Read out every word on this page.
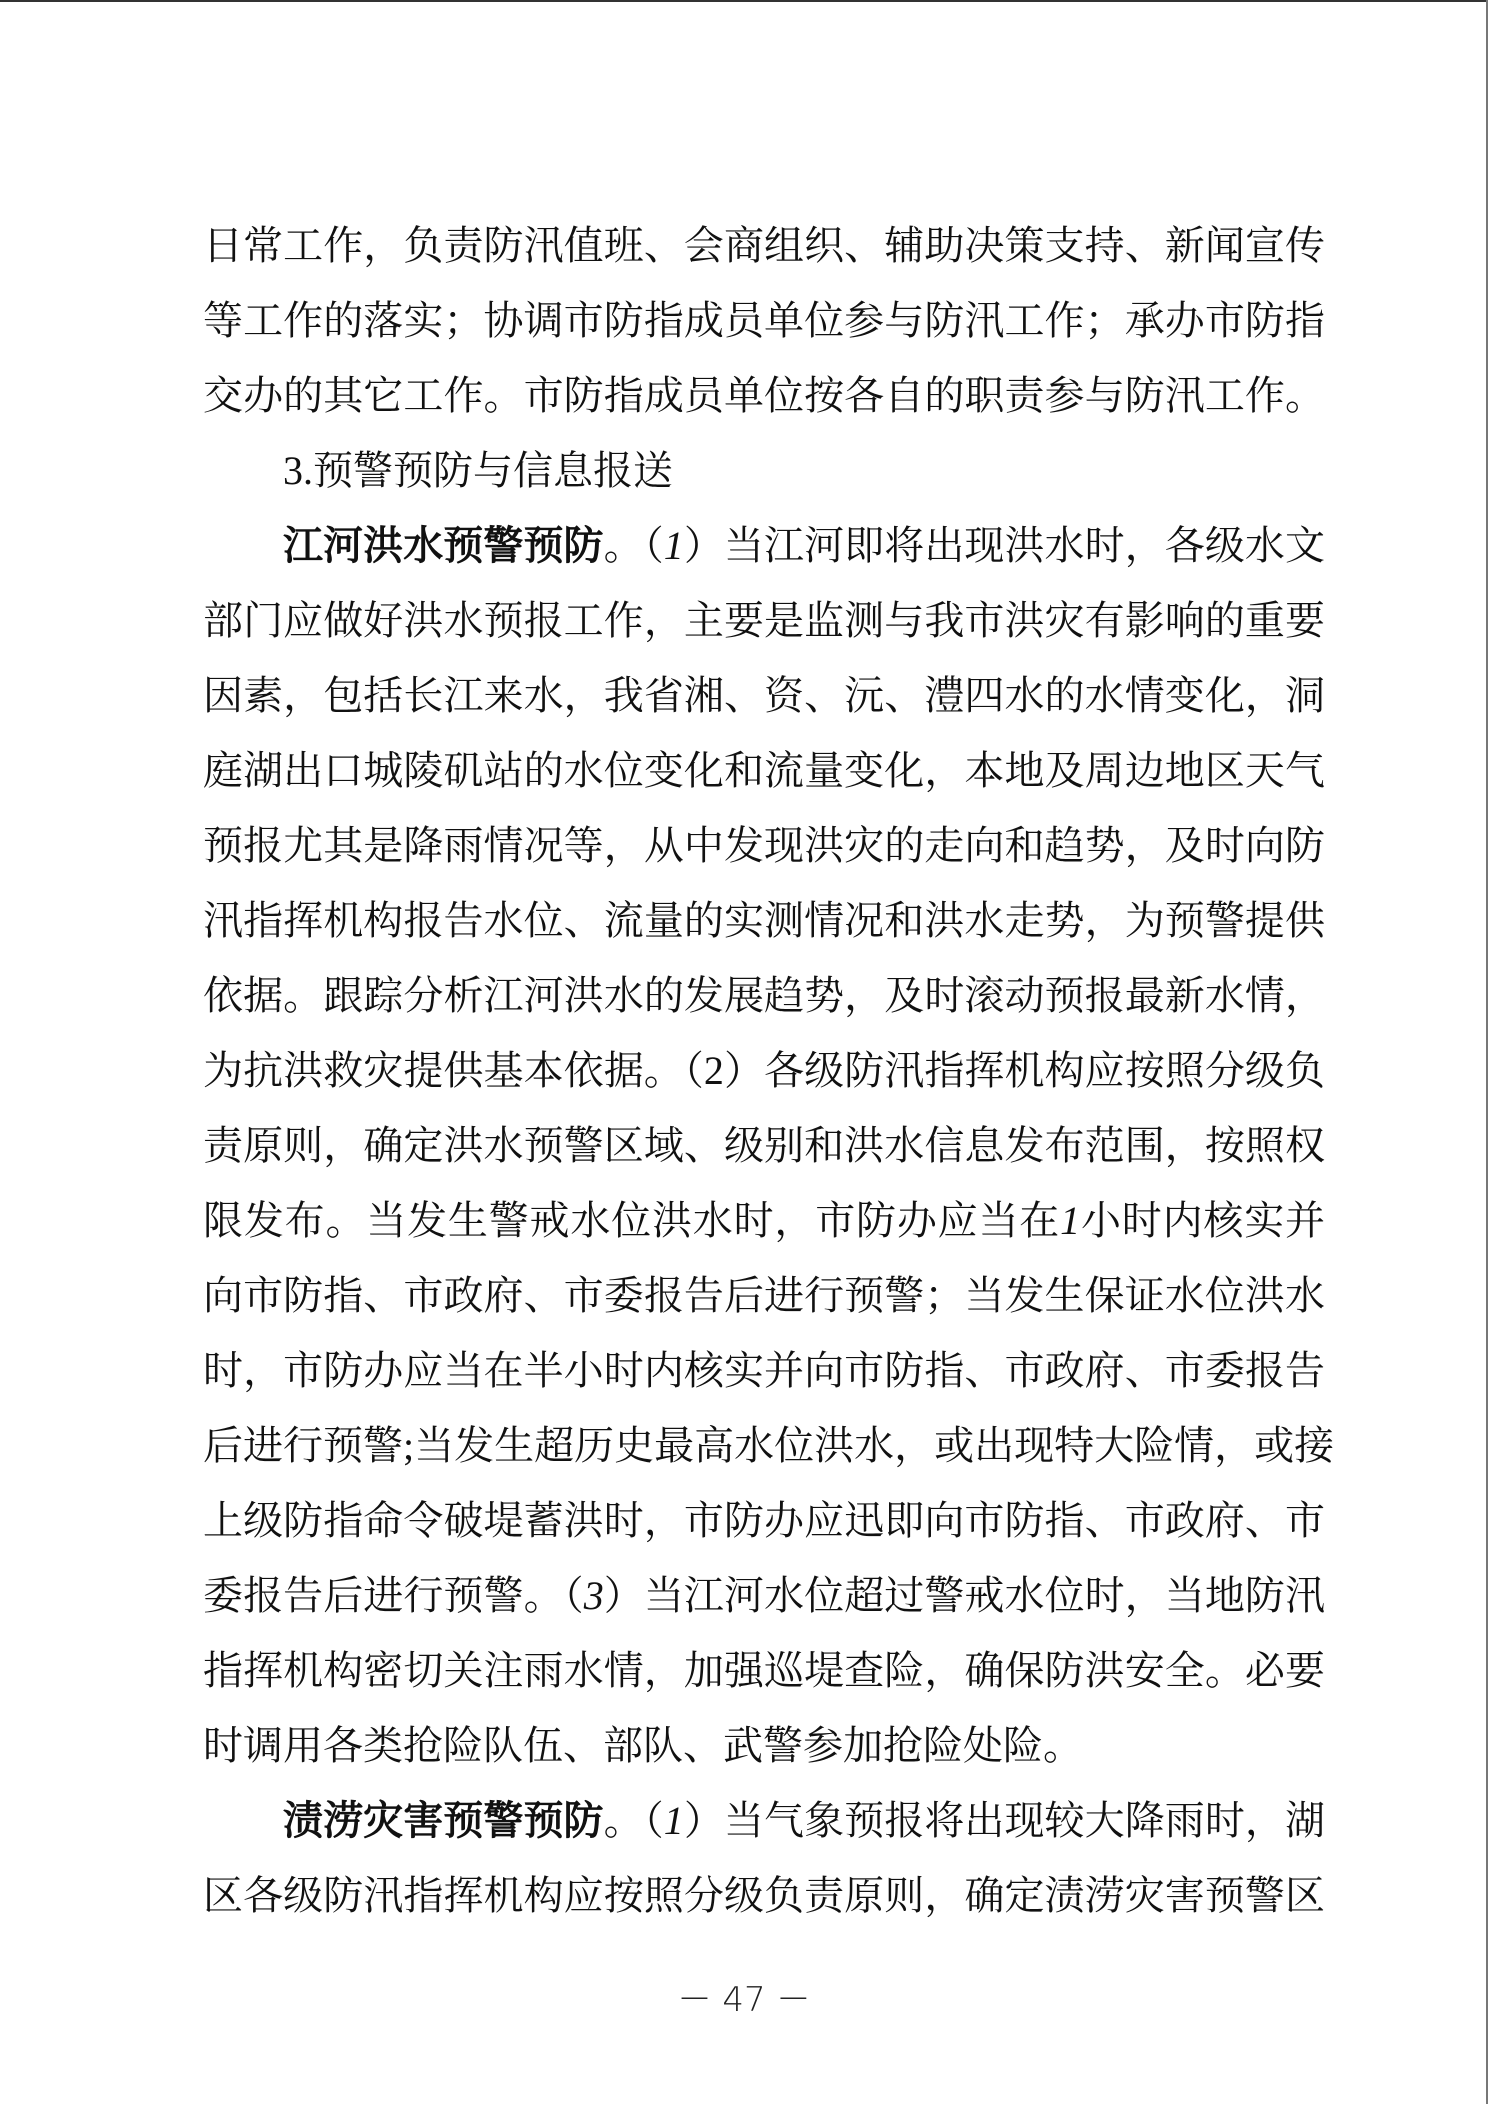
日常工作，负责防汛值班、会商组织、辅助决策支持、新闻宣传
等工作的落实；协调市防指成员单位参与防汛工作；承办市防指
交办的其它工作。市防指成员单位按各自的职责参与防汛工作。
3.预警预防与信息报送
江河洪水预警预防。（1）当江河即将出现洪水时，各级水文
部门应做好洪水预报工作，主要是监测与我市洪灾有影响的重要
因素，包括长江来水，我省湘、资、沅、澧四水的水情变化，洞
庭湖出口城陵矶站的水位变化和流量变化，本地及周边地区天气
预报尤其是降雨情况等，从中发现洪灾的走向和趋势，及时向防
汛指挥机构报告水位、流量的实测情况和洪水走势，为预警提供
依据。跟踪分析江河洪水的发展趋势，及时滚动预报最新水情，
为抗洪救灾提供基本依据。（2）各级防汛指挥机构应按照分级负
责原则，确定洪水预警区域、级别和洪水信息发布范围，按照权
限发布。当发生警戒水位洪水时，市防办应当在1小时内核实并
向市防指、市政府、市委报告后进行预警；当发生保证水位洪水
时，市防办应当在半小时内核实并向市防指、市政府、市委报告
后进行预警;当发生超历史最高水位洪水，或出现特大险情，或接
上级防指命令破堤蓄洪时，市防办应迅即向市防指、市政府、市
委报告后进行预警。（3）当江河水位超过警戒水位时，当地防汛
指挥机构密切关注雨水情，加强巡堤查险，确保防洪安全。必要
时调用各类抢险队伍、部队、武警参加抢险处险。
渍涝灾害预警预防。（1）当气象预报将出现较大降雨时，湖
区各级防汛指挥机构应按照分级负责原则，确定渍涝灾害预警区
－ 47 －
